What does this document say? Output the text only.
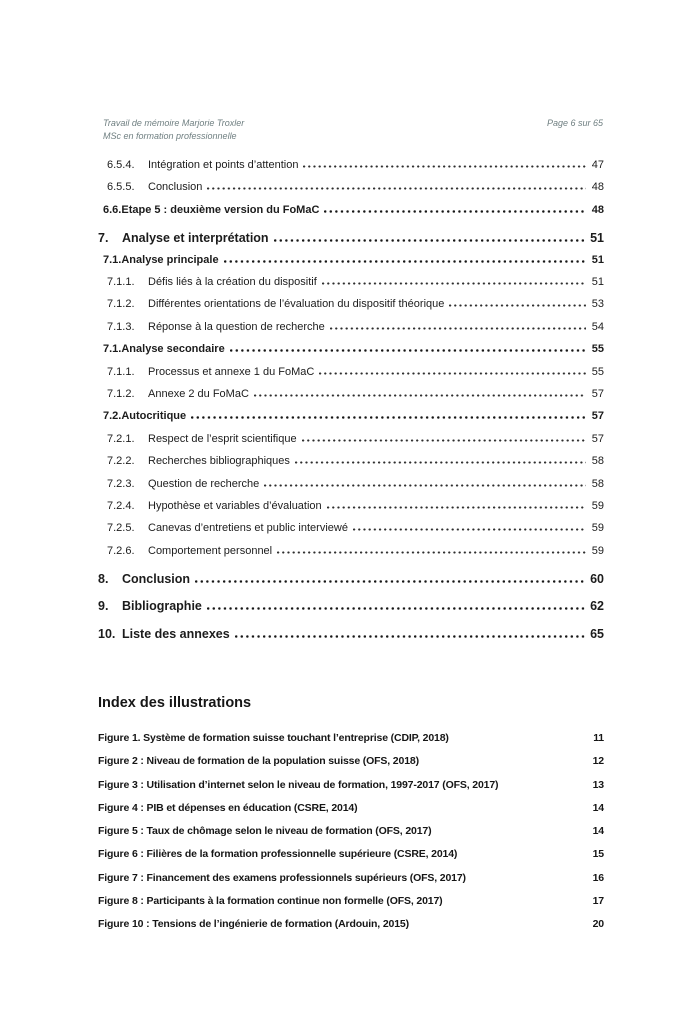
Travail de mémoire Marjorie Troxler
MSc en formation professionnelle
Page 6 sur 65
6.5.4.	Intégration et points d’attention	47
6.5.5.	Conclusion	48
6.6. Etape 5 : deuxième version du FoMaC	48
7.	Analyse et interprétation	51
7.1. Analyse principale	51
7.1.1.	Défis liés à la création du dispositif	51
7.1.2.	Différentes orientations de l’évaluation du dispositif théorique	53
7.1.3.	Réponse à la question de recherche	54
7.1. Analyse secondaire	55
7.1.1.	Processus et annexe 1 du FoMaC	55
7.1.2.	Annexe 2 du FoMaC	57
7.2. Autocritique	57
7.2.1.	Respect de l’esprit scientifique	57
7.2.2.	Recherches bibliographiques	58
7.2.3.	Question de recherche	58
7.2.4.	Hypothèse et variables d’évaluation	59
7.2.5.	Canevas d’entretiens et public interviewé	59
7.2.6.	Comportement personnel	59
8.	Conclusion	60
9.	Bibliographie	62
10. Liste des annexes	65
Index des illustrations
Figure 1. Système de formation suisse touchant l’entreprise (CDIP, 2018)	11
Figure 2 : Niveau de formation de la population suisse (OFS, 2018)	12
Figure 3 : Utilisation d’internet selon le niveau de formation, 1997-2017 (OFS, 2017)	13
Figure 4 : PIB et dépenses en éducation (CSRE, 2014)	14
Figure 5 : Taux de chômage selon le niveau de formation (OFS, 2017)	14
Figure 6 : Filières de la formation professionnelle supérieure (CSRE, 2014)	15
Figure 7 : Financement des examens professionnels supérieurs (OFS, 2017)	16
Figure 8 : Participants à la formation continue non formelle (OFS, 2017)	17
Figure 10 : Tensions de l’ingénierie de formation (Ardouin, 2015)	20
